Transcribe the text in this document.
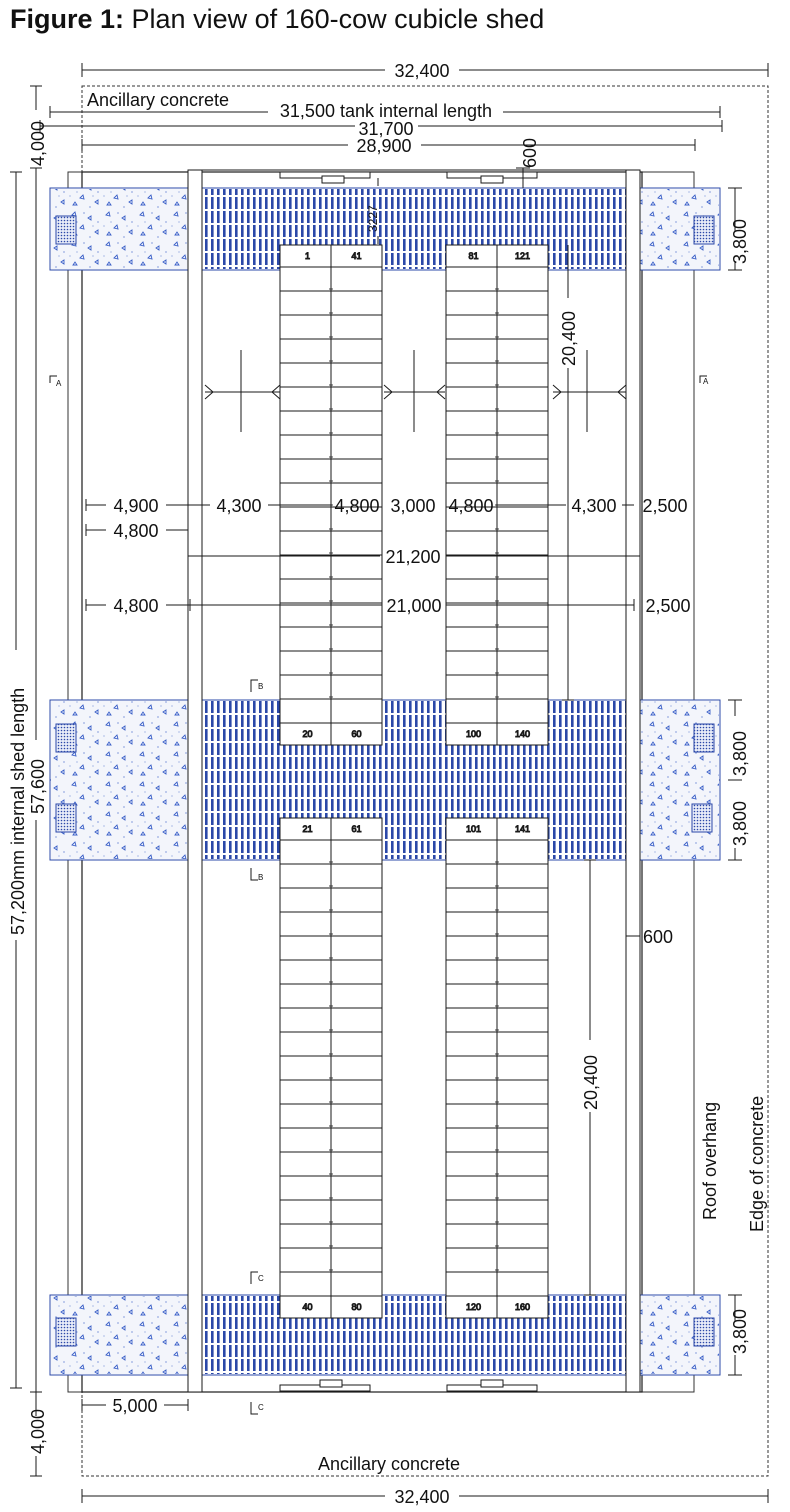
Figure 1: Plan view of 160-cow cubicle shed
1	41
20	60
81	121
100	140
21	61
40	80
101	141
120	160
A	A
B
B
C
C
32,400
Ancillary concrete
31,500 tank internal length
31,700
28,900	600
3227
3,800
20,400
4,900	4,300	4,800 3,000 4,800	4,300 2,500
4,800
21,200
4,800	21,000	2,500
3,800
3,800
600
20,400
3,800
Roof overhang Edge of concrete
5,000
Ancillary concrete
32,400
57,200mm internal shed length 57,600
4,000
4,000
